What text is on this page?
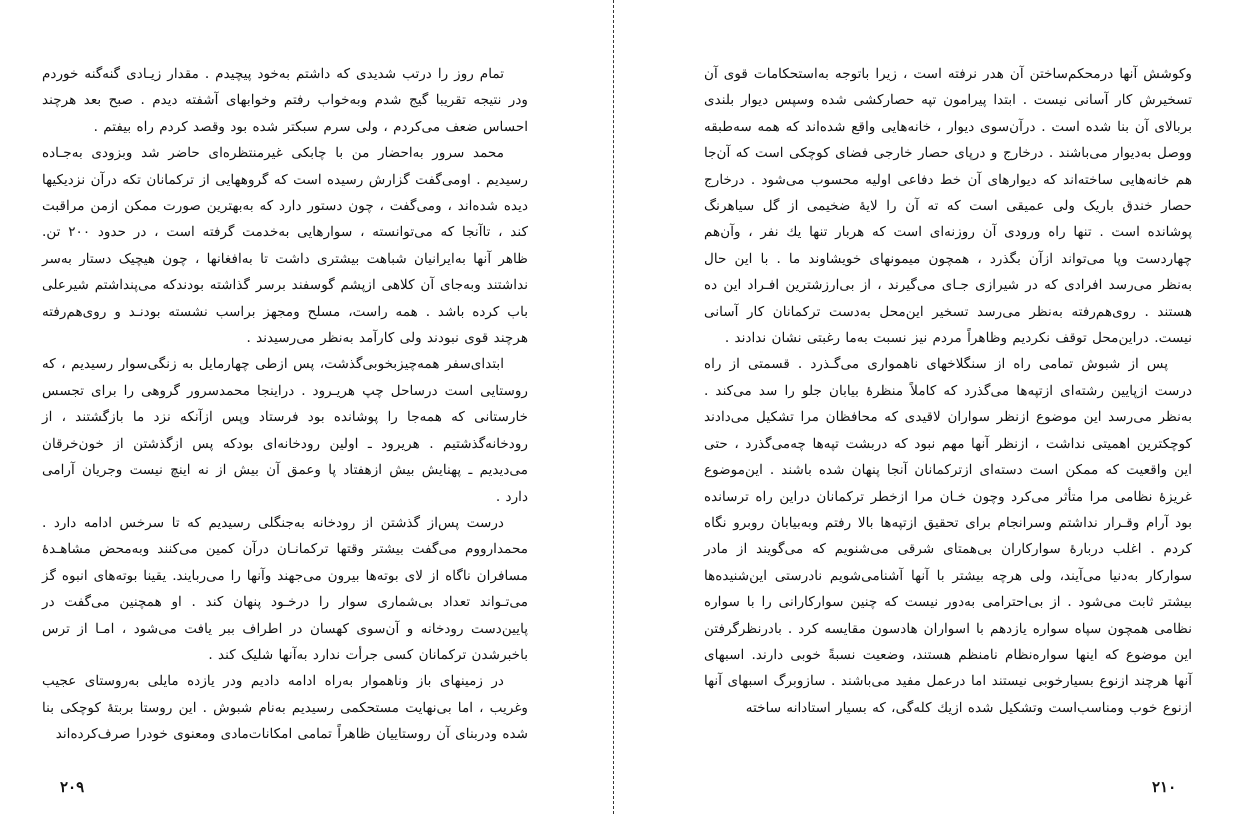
تمام روز را درتب شدیدی که داشتم به‌خود پیچیدم . مقدار زیـادی گنه‌گنه خوردم ودر نتیجه تقریبا گیج شدم وبه‌خواب رفتم وخوابهای آشفته دیدم . صبح بعد هرچند احساس ضعف می‌کردم ، ولی سرم سبکتر شده بود وقصد کردم راه بیفتم .

محمد سرور به‌احضار من با چابکی غیرمنتظره‌ای حاضر شد وبزودی به‌جـاده رسیدیم . اومی‌گفت گزارش رسیده است که گروههایی از ترکمانان تکه درآن نزدیکیها دیده شده‌اند ، ومی‌گفت ، چون دستور دارد که به‌بهترین صورت ممکن ازمن مراقبت کند ، تاآنجا که می‌توانسته ، سوارهایی به‌خدمت گرفته است ، در حدود ۲۰۰ تن. ظاهر آنها به‌ایرانیان شباهت بیشتری داشت تا به‌افغانها ، چون هیچیک دستار به‌سر نداشتند وبه‌جای آن کلاهی ازپشم گوسفند برسر گذاشته بودندکه می‌پنداشتم شیرعلی باب کرده باشد . همه راست، مسلح ومجهز براسب نشسته بودنـد و روی‌هم‌رفته هرچند قوی نبودند ولی کارآمد به‌نظر می‌رسیدند .

ابتدای‌سفر همه‌چیزبخوبی‌گذشت، پس ازطی چهارمایل به زنگی‌سوار رسیدیم ، که روستایی است درساحل چپ هریـرود . دراینجا محمدسرور گروهی را برای تجسس خارستانی که همه‌جا را پوشانده بود فرستاد وپس ازآنکه نزد ما بازگشتند ، از رودخانه‌گذشتیم . هریرود ـ اولین رودخانه‌ای بودکه پس ازگذشتن از خون‌خرقان می‌دیدیم ـ پهنایش بیش ازهفتاد پا وعمق آن بیش از نه اینچ نیست وجریان آرامی دارد .

درست پس‌از گذشتن از رودخانه به‌جنگلی رسیدیم که تا سرخس ادامه دارد . محمدارووم می‌گفت بیشتر وقتها ترکمانـان درآن کمین می‌کنند وبه‌محض مشاهـدهٔ مسافران ناگاه از لای بوته‌ها بیرون می‌جهند وآنها را می‌ربایند. یقینا بوته‌های انبوه گز می‌تـواند تعداد بی‌شماری سوار را درخـود پنهان کند . او همچنین می‌گفت در پایین‌دست رودخانه و آن‌سوی کهسان در اطراف ببر یافت می‌شود ، امـا از ترس باخبرشدن ترکمانان کسی جرأت ندارد به‌آنها شلیک کند .

در زمینهای باز وناهموار به‌راه ادامه دادیم ودر یازده مایلی به‌روستای عجیب وغریب ، اما بی‌نهایت مستحکمی رسیدیم به‌نام شبوش . این روستا بربتهٔ کوچکی بنا شده ودربنای آن روستاییان ظاهراً تمامی امکانات‌مادی ومعنوی خودرا صرف‌کرده‌اند

۲۰۹

وکوشش آنها درمحکم‌ساختن آن هدر نرفته است ، زیرا باتوجه به‌استحکامات قوی آن تسخیرش کار آسانی نیست . ابتدا پیرامون تپه حصارکشی شده وسپس دیوار بلندی بربالای آن بنا شده است . درآن‌سوی دیوار ، خانه‌هایی واقع شده‌اند که همه سه‌طبقه ووصل به‌دیوار می‌باشند . درخارج و درپای حصار خارجی فضای کوچکی است که آن‌جا هم خانه‌هایی ساخته‌اند که دیوارهای آن خط دفاعی اولیه محسوب می‌شود . درخارج حصار خندق باریک ولی عمیقی است که ته آن را لایهٔ ضخیمی از گل سیاهرنگ پوشانده است . تنها راه ورودی آن روزنه‌ای است که هربار تنها یك نفر ، وآن‌هم چهاردست وپا می‌تواند ازآن بگذرد ، همچون میمونهای خویشاوند ما . با این حال به‌نظر می‌رسد افرادی که در شیرازی جـای می‌گیرند ، از بی‌ارزشترین افـراد این ده هستند . روی‌هم‌رفته به‌نظر می‌رسد تسخیر این‌محل به‌دست ترکمانان کار آسانی نیست. دراین‌محل توقف نکردیم وظاهراً مردم نیز نسبت به‌ما رغبتی نشان ندادند .

پس از شبوش تمامی راه از سنگلاخهای ناهمواری می‌گـذرد . قسمتی از راه درست ازپایین رشته‌ای ازتپه‌ها می‌گذرد که کاملاً منظرهٔ بیابان جلو را سد می‌کند . به‌نظر می‌رسد این موضوع ازنظر سواران لاقیدی که محافظان مرا تشکیل می‌دادند کوچکترین اهمیتی نداشت ، ازنظر آنها مهم نبود که دربشت تپه‌ها چه‌می‌گذرد ، حتی این واقعیت که ممکن است دسته‌ای ازترکمانان آنجا پنهان شده باشند . این‌موضوع غریزهٔ نظامی مرا متأثر می‌کرد وچون خـان مرا ازخطر ترکمانان دراین راه ترسانده بود آرام وقـرار نداشتم وسرانجام برای تحقیق ازتپه‌ها بالا رفتم وبه‌بیابان روبرو نگاه کردم . اغلب دربارهٔ سوارکاران بی‌همتای شرقی می‌شنویم که می‌گویند از مادر سوارکار به‌دنیا می‌آیند، ولی هرچه بیشتر با آنها آشنامی‌شویم نادرستی این‌شنیده‌ها بیشتر ثابت می‌شود . از بی‌احترامی به‌دور نیست که چنین سوارکارانی را با سواره نظامی همچون سپاه سواره یازدهم با اسواران هادسون مقایسه کرد . بادرنظرگرفتن این موضوع که اینها سواره‌نظام نامنظم هستند، وضعیت نسبةً خوبی دارند. اسبهای آنها هرچند ازنوع بسیارخوبی نیستند اما درعمل مفید می‌باشند . سازوبرگ اسبهای آنها ازنوع خوب ومناسب‌است وتشکیل شده ازیك کله‌گی، که بسیار استادانه ساخته

۲۱۰
